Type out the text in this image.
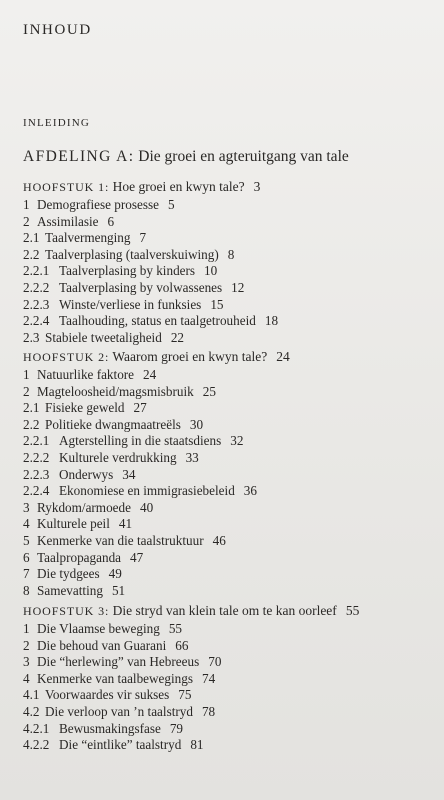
INHOUD
INLEIDING
AFDELING A: Die groei en agteruitgang van tale
HOOFSTUK 1: Hoe groei en kwyn tale? 3
1 Demografiese prosesse 5
2 Assimilasie 6
2.1 Taalvermenging 7
2.2 Taalverplasing (taalverskuiwing) 8
2.2.1 Taalverplasing by kinders 10
2.2.2 Taalverplasing by volwassenes 12
2.2.3 Winste/verliese in funksies 15
2.2.4 Taalhouding, status en taalgetrouheid 18
2.3 Stabiele tweetaligheid 22
HOOFSTUK 2: Waarom groei en kwyn tale? 24
1 Natuurlike faktore 24
2 Magteloosheid/magsmisbruik 25
2.1 Fisieke geweld 27
2.2 Politieke dwangmaatreëls 30
2.2.1 Agterstelling in die staatsdiens 32
2.2.2 Kulturele verdrukking 33
2.2.3 Onderwys 34
2.2.4 Ekonomiese en immigrasiebeleid 36
3 Rykdom/armoede 40
4 Kulturele peil 41
5 Kenmerke van die taalstruktuur 46
6 Taalpropaganda 47
7 Die tydgees 49
8 Samevatting 51
HOOFSTUK 3: Die stryd van klein tale om te kan oorleef 55
1 Die Vlaamse beweging 55
2 Die behoud van Guarani 66
3 Die “herlewing” van Hebreeus 70
4 Kenmerke van taalbewegings 74
4.1 Voorwaardes vir sukses 75
4.2 Die verloop van ’n taalstryd 78
4.2.1 Bewusmakingsfase 79
4.2.2 Die “eintlike” taalstryd 81
